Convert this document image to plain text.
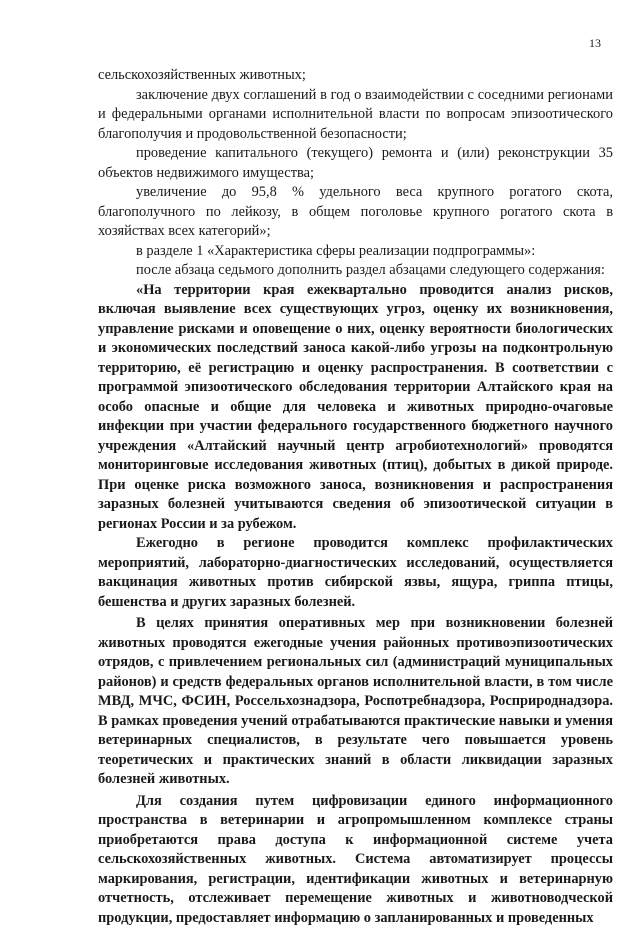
13

сельскохозяйственных животных;

заключение двух соглашений в год о взаимодействии с соседними регионами и федеральными органами исполнительной власти по вопросам эпизоотического благополучия и продовольственной безопасности;

проведение капитального (текущего) ремонта и (или) реконструкции 35 объектов недвижимого имущества;

увеличение до 95,8 % удельного веса крупного рогатого скота, благополучного по лейкозу, в общем поголовье крупного рогатого скота в хозяйствах всех категорий»;

в разделе 1 «Характеристика сферы реализации подпрограммы»:

после абзаца седьмого дополнить раздел абзацами следующего содержания:

«На территории края ежеквартально проводится анализ рисков, включая выявление всех существующих угроз, оценку их возникновения, управление рисками и оповещение о них, оценку вероятности биологических и экономических последствий заноса какой-либо угрозы на подконтрольную территорию, её регистрацию и оценку распространения. В соответствии с программой эпизоотического обследования территории Алтайского края на особо опасные и общие для человека и животных природно-очаговые инфекции при участии федерального государственного бюджетного научного учреждения «Алтайский научный центр агробиотехнологий» проводятся мониторинговые исследования животных (птиц), добытых в дикой природе. При оценке риска возможного заноса, возникновения и распространения заразных болезней учитываются сведения об эпизоотической ситуации в регионах России и за рубежом.

Ежегодно в регионе проводится комплекс профилактических мероприятий, лабораторно-диагностических исследований, осуществляется вакцинация животных против сибирской язвы, ящура, гриппа птицы, бешенства и других заразных болезней.

В целях принятия оперативных мер при возникновении болезней животных проводятся ежегодные учения районных противоэпизоотических отрядов, с привлечением региональных сил (администраций муниципальных районов) и средств федеральных органов исполнительной власти, в том числе МВД, МЧС, ФСИН, Россельхознадзора, Роспотребнадзора, Росприроднадзора. В рамках проведения учений отрабатываются практические навыки и умения ветеринарных специалистов, в результате чего повышается уровень теоретических и практических знаний в области ликвидации заразных болезней животных.

Для создания путем цифровизации единого информационного пространства в ветеринарии и агропромышленном комплексе страны приобретаются права доступа к информационной системе учета сельскохозяйственных животных. Система автоматизирует процессы маркирования, регистрации, идентификации животных и ветеринарную отчетность, отслеживает перемещение животных и животноводческой продукции, предоставляет информацию о запланированных и проведенных
